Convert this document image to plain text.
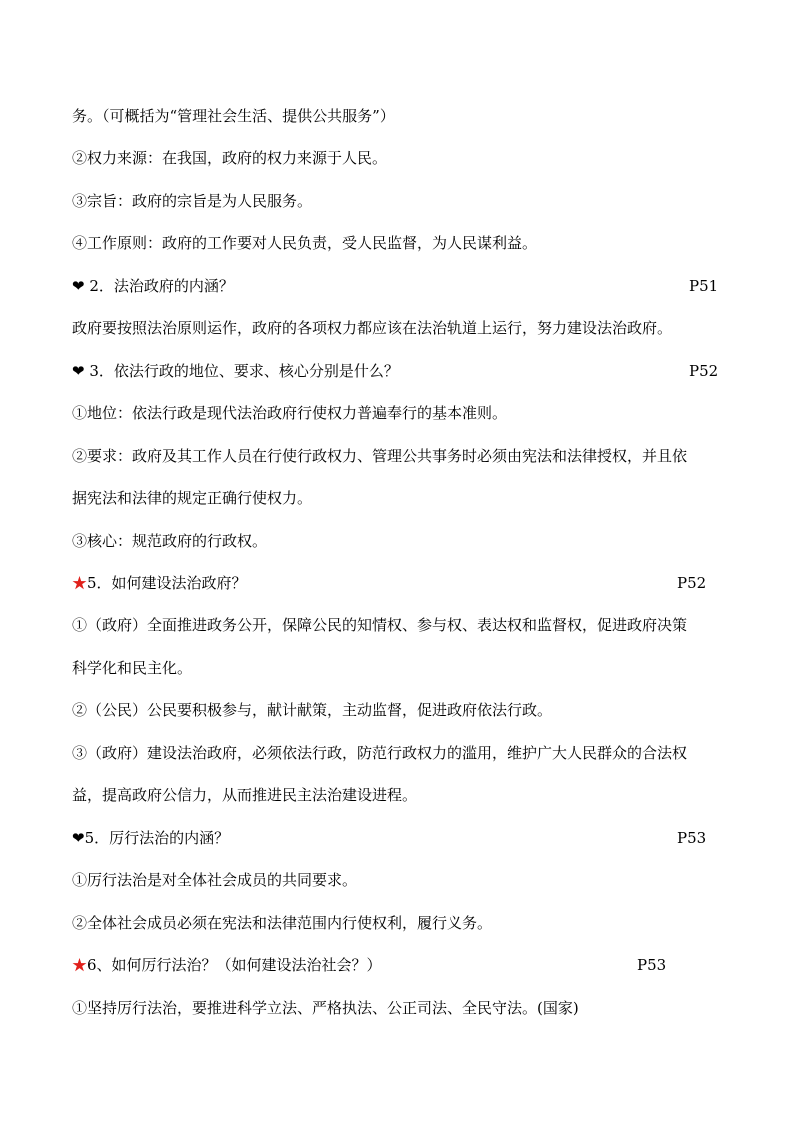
务。（可概括为“管理社会生活、提供公共服务”）
②权力来源：在我国，政府的权力来源于人民。
③宗旨：政府的宗旨是为人民服务。
④工作原则：政府的工作要对人民负责，受人民监督，为人民谋利益。
❤ 2．法治政府的内涵？	P51
政府要按照法治原则运作，政府的各项权力都应该在法治轨道上运行，努力建设法治政府。
❤ 3．依法行政的地位、要求、核心分别是什么？	P52
①地位：依法行政是现代法治政府行使权力普遍奉行的基本准则。
②要求：政府及其工作人员在行使行政权力、管理公共事务时必须由宪法和法律授权，并且依
据宪法和法律的规定正确行使权力。
③核心：规范政府的行政权。
★5．如何建设法治政府？	P52
①（政府）全面推进政务公开，保障公民的知情权、参与权、表达权和监督权，促进政府决策
科学化和民主化。
②（公民）公民要积极参与，献计献策，主动监督，促进政府依法行政。
③（政府）建设法治政府，必须依法行政，防范行政权力的滥用，维护广大人民群众的合法权
益，提高政府公信力，从而推进民主法治建设进程。
❤5．厉行法治的内涵？	P53
①厉行法治是对全体社会成员的共同要求。
②全体社会成员必须在宪法和法律范围内行使权利，履行义务。
★6、如何厉行法治？（如何建设法治社会？）	P53
①坚持厉行法治，要推进科学立法、严格执法、公正司法、全民守法。(国家)
